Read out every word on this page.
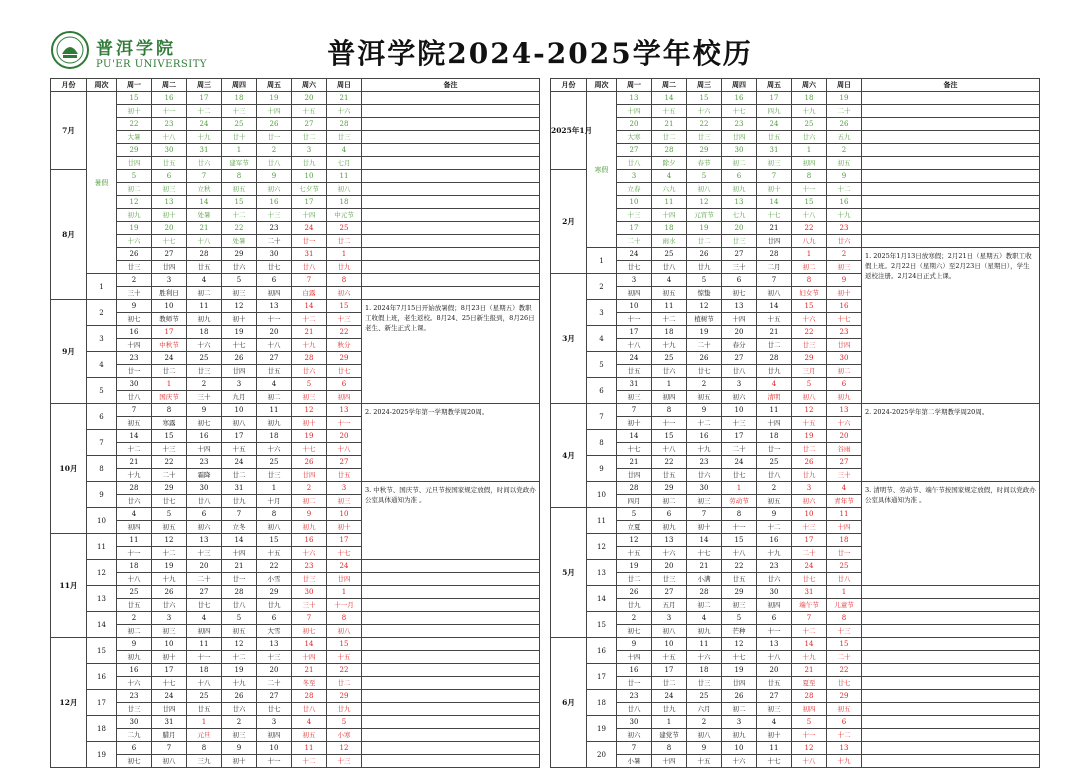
普洱学院
PU'ER UNIVERSITY	普洱学院2024-2025学年校历
月份	周次	周一	周二	周三	周四	周五	周六	周日	备注
7月	暑假	15	16	17	18	19	20	21	
		初十	十一	十二	十三	十四	十五	十六	
		22	23	24	25	26	27	28	
		大暑	十八	十九	廿十	廿一	廿二	廿三	
		29	30	31	1	2	3	4	
		廿四	廿五	廿六	建军节	廿八	廿九	七月	
8月		5	6	7	8	9	10	11	
		初二	初三	立秋	初五	初六	七夕节	初八	
		12	13	14	15	16	17	18	
		初九	初十	处暑	十二	十三	十四	中元节	
		19	20	21	22	23	24	25	
		十六	十七	十八	处暑	二十	廿一	廿二	
		26	27	28	29	30	31	1	
		廿三	廿四	廿五	廿六	廿七	廿八	廿九	
	1	2	3	4	5	6	7	8	
		三十	胜利日	初二	初三	初四	白露	初六	
9月	2	9	10	11	12	13	14	15	1. 2024年7月15日开始放暑假；8月23日（星期五）教职工收假上班，老生返校。8月24、25日新生报到，8月26日老生、新生正式上课。
		初七	教师节	初九	初十	十一	十二	十三	
	3	16	17	18	19	20	21	22	
		十四	中秋节	十六	十七	十八	十九	秋分	
	4	23	24	25	26	27	28	29	
		廿一	廿二	廿三	廿四	廿五	廿六	廿七	
	5	30	1	2	3	4	5	6	
		廿八	国庆节	三十	九月	初二	初三	初四	
10月	6	7	8	9	10	11	12	13	2. 2024-2025学年第一学期教学周20周。
		初五	寒露	初七	初八	初九	初十	十一	
	7	14	15	16	17	18	19	20	
		十二	十三	十四	十五	十六	十七	十八	
	8	21	22	23	24	25	26	27	
		十九	二十	霜降	廿二	廿三	廿四	廿五	
	9	28	29	30	31	1	2	3	3. 中秋节、国庆节、元旦节按国家规定放假，时间以党政办公室具体通知为准 。
		廿六	廿七	廿八	廿九	十月	初二	初三	
	10	4	5	6	7	8	9	10	
		初四	初五	初六	立冬	初八	初九	初十	
11月	11	11	12	13	14	15	16	17	
		十一	十二	十三	十四	十五	十六	十七	
	12	18	19	20	21	22	23	24	
		十八	十九	二十	廿一	小雪	廿三	廿四	
	13	25	26	27	28	29	30	1	
		廿五	廿六	廿七	廿八	廿九	三十	十一月	
	14	2	3	4	5	6	7	8	
		初二	初三	初四	初五	大雪	初七	初八	
12月	15	9	10	11	12	13	14	15	
		初九	初十	十一	十二	十三	十四	十五	
	16	16	17	18	19	20	21	22	
		十六	十七	十八	十九	二十	冬至	廿二	
	17	23	24	25	26	27	28	29	
		廿三	廿四	廿五	廿六	廿七	廿八	廿九	
	18	30	31	1	2	3	4	5	
		二九	腊月	元旦	初三	初四	初五	小寒	
	19	6	7	8	9	10	11	12	
		初七	初八	三九	初十	十一	十二	十三	
月份	周次	周一	周二	周三	周四	周五	周六	周日	备注
2025年1月	寒假	13	14	15	16	17	18	19	
		十四	十五	十六	十七	四九	十九	二十	
		20	21	22	23	24	25	26	
		大寒	廿二	廿三	廿四	廿五	廿六	五九	
		27	28	29	30	31	1	2	
		廿八	除夕	春节	初二	初三	初四	初五	
2月		3	4	5	6	7	8	9	
		立春	六九	初八	初九	初十	十一	十二	
		10	11	12	13	14	15	16	
		十三	十四	元宵节	七九	十七	十八	十九	
		17	18	19	20	21	22	23	
		二十	雨水	廿二	廿三	廿四	八九	廿六	
	1	24	25	26	27	28	1	2	1. 2025年1月13日放寒假；2月21日（星期五）教职工收假上班。2月22日（星期六）至2月23日（星期日），学生返校注册。2月24日正式上课。
		廿七	廿八	廿九	三十	二月	初二	初三	
3月	2	3	4	5	6	7	8	9	
		初四	初五	惊蛰	初七	初八	妇女节	初十	
	3	10	11	12	13	14	15	16	
		十一	十二	植树节	十四	十五	十六	十七	
	4	17	18	19	20	21	22	23	
		十八	十九	二十	春分	廿二	廿三	廿四	
	5	24	25	26	27	28	29	30	
		廿五	廿六	廿七	廿八	廿九	三月	初二	
	6	31	1	2	3	4	5	6	
		初三	初四	初五	初六	清明	初八	初九	
4月	7	7	8	9	10	11	12	13	2. 2024-2025学年第二学期教学周20周。
		初十	十一	十二	十三	十四	十五	十六	
	8	14	15	16	17	18	19	20	
		十七	十八	十九	二十	廿一	廿二	谷雨	
	9	21	22	23	24	25	26	27	
		廿四	廿五	廿六	廿七	廿八	廿九	三十	
	10	28	29	30	1	2	3	4	3. 清明节、劳动节、端午节按国家规定放假，时间以党政办公室具体通知为准 。
		四月	初二	初三	劳动节	初五	初六	青年节	
5月	11	5	6	7	8	9	10	11	
		立夏	初九	初十	十一	十二	十三	十四	
	12	12	13	14	15	16	17	18	
		十五	十六	十七	十八	十九	二十	廿一	
	13	19	20	21	22	23	24	25	
		廿二	廿三	小满	廿五	廿六	廿七	廿八	
	14	26	27	28	29	30	31	1	
		廿九	五月	初二	初三	初四	端午节	儿童节	
	15	2	3	4	5	6	7	8	
		初七	初八	初九	芒种	十一	十二	十三	
6月	16	9	10	11	12	13	14	15	
		十四	十五	十六	十七	十八	十九	二十	
	17	16	17	18	19	20	21	22	
		廿一	廿二	廿三	廿四	廿五	夏至	廿七	
	18	23	24	25	26	27	28	29	
		廿八	廿九	六月	初二	初三	初四	初五	
	19	30	1	2	3	4	5	6	
		初六	建党节	初八	初九	初十	十一	十二	
	20	7	8	9	10	11	12	13	
		小暑	十四	十五	十六	十七	十八	十九	
